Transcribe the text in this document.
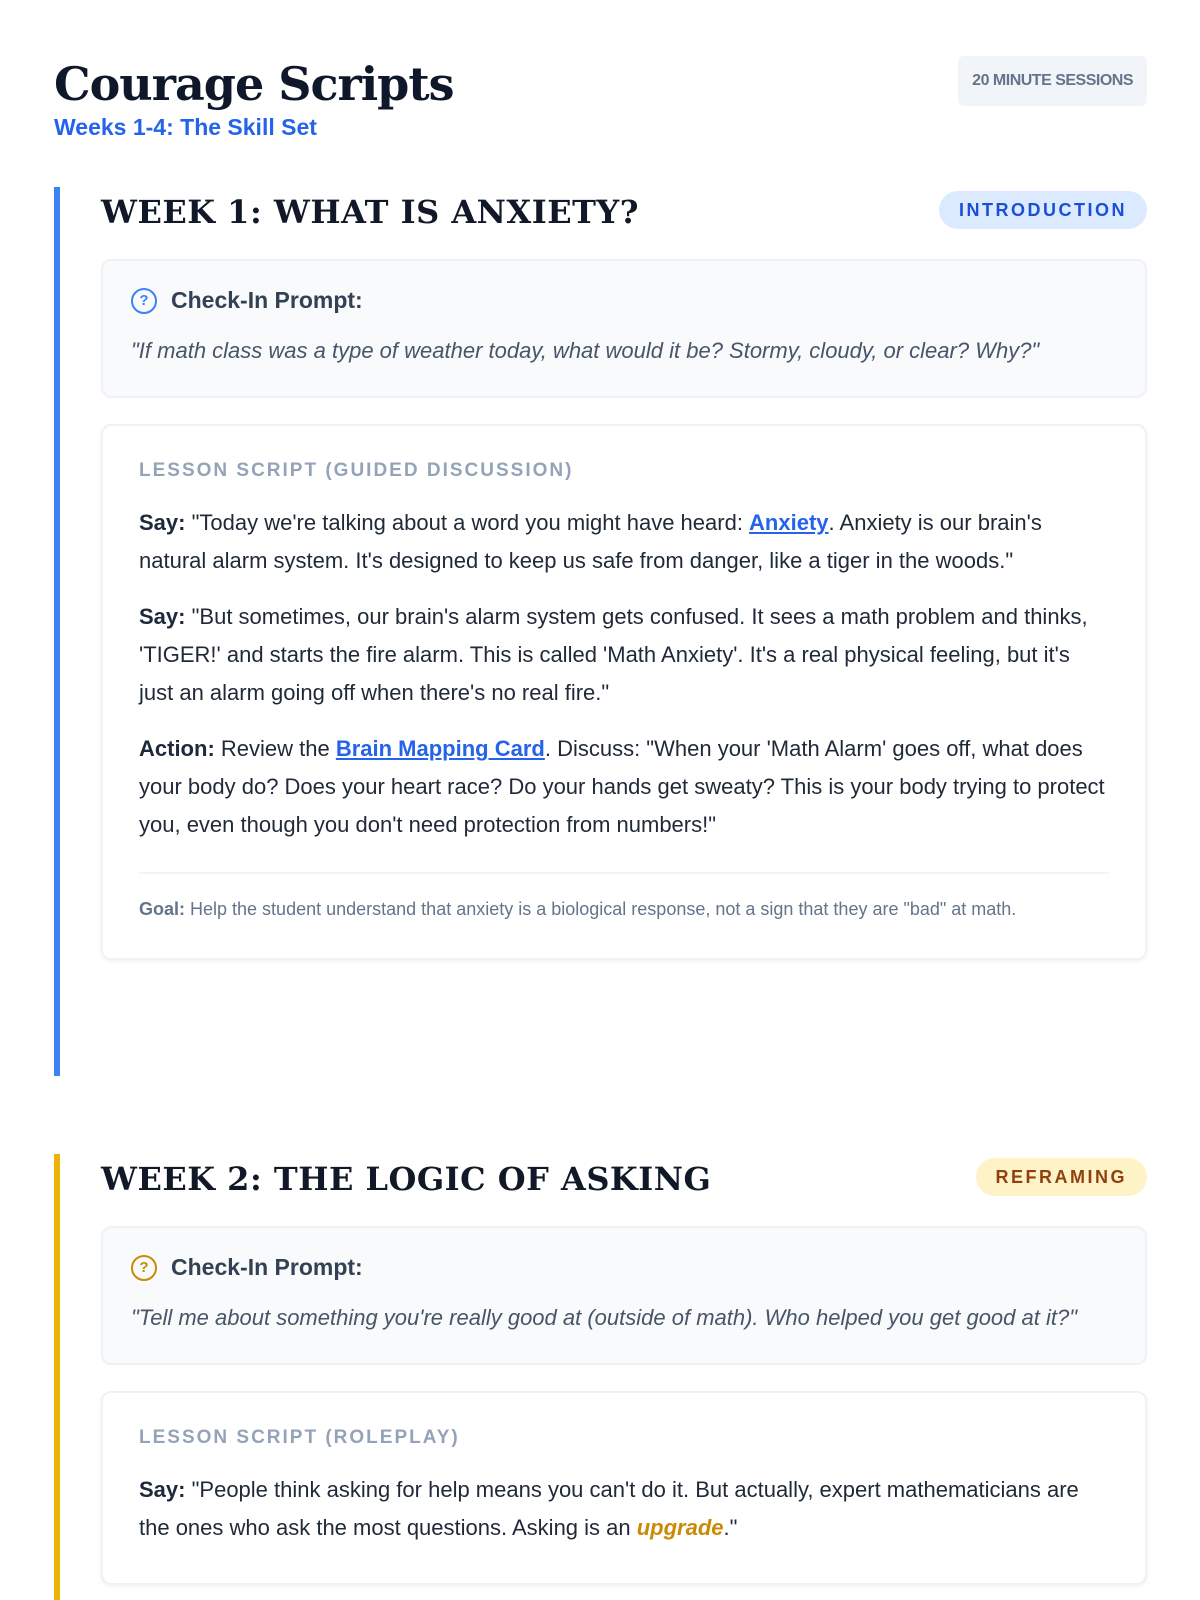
Courage Scripts
Weeks 1-4: The Skill Set
20 MINUTE SESSIONS
WEEK 1: WHAT IS ANXIETY?	INTRODUCTION
? Check-In Prompt:

"If math class was a type of weather today, what would it be? Stormy, cloudy, or clear? Why?"

LESSON SCRIPT (GUIDED DISCUSSION)

Say: "Today we're talking about a word you might have heard: Anxiety. Anxiety is our brain's natural alarm system. It's designed to keep us safe from danger, like a tiger in the woods."

Say: "But sometimes, our brain's alarm system gets confused. It sees a math problem and thinks, 'TIGER!' and starts the fire alarm. This is called 'Math Anxiety'. It's a real physical feeling, but it's just an alarm going off when there's no real fire."

Action: Review the Brain Mapping Card. Discuss: "When your 'Math Alarm' goes off, what does your body do? Does your heart race? Do your hands get sweaty? This is your body trying to protect you, even though you don't need protection from numbers!"

Goal: Help the student understand that anxiety is a biological response, not a sign that they are "bad" at math.
WEEK 2: THE LOGIC OF ASKING	REFRAMING
? Check-In Prompt:

"Tell me about something you're really good at (outside of math). Who helped you get good at it?"

LESSON SCRIPT (ROLEPLAY)

Say: "People think asking for help means you can't do it. But actually, expert mathematicians are the ones who ask the most questions. Asking is an upgrade."
